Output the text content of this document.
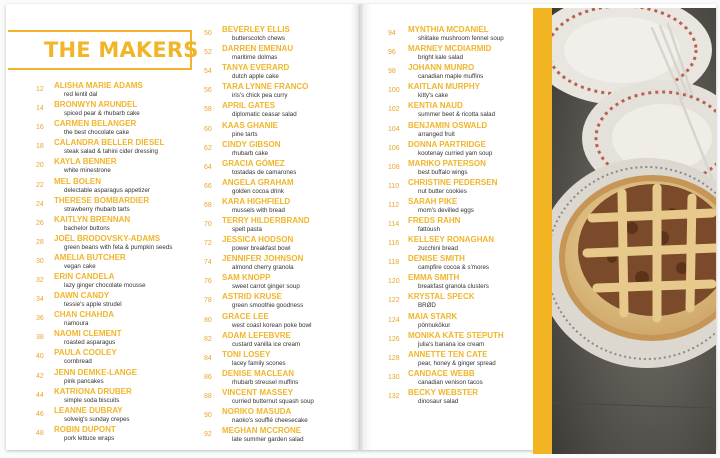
THE MAKERS
12 ALISHA MARIE ADAMS
red lentil dal
14 BRONWYN ARUNDEL
spiced pear & rhubarb cake
16 CARMEN BELANGER
the best chocolate cake
18 CALANDRA BELLER DIESEL
steak salad & tahini cider dressing
20 KAYLA BENNER
white minestrone
22 MEL BOLEN
delectable asparagus appetizer
24 THERESE BOMBARDIER
strawberry rhubarb tarts
26 KAITLYN BRENNAN
bachelor buttons
28 JOËL BRODOVSKY-ADAMS
green beans with feta & pumpkin seeds
30 AMELIA BUTCHER
vegan cake
32 ERIN CANDELA
lazy ginger chocolate mousse
34 DAWN CANDY
tessie's apple strudel
36 CHAN CHAHDA
namoura
38 NAOMI CLEMENT
roasted asparagus
40 PAULA COOLEY
cornbread
42 JENN DEMKE-LANGE
pink pancakes
44 KATRIONA DRUBER
simple soda biscuits
46 LEANNE DUBRAY
solveig's sunday crepes
48 ROBIN DUPONT
pork lettuce wraps
50 BEVERLEY ELLIS
butterscotch chews
52 DARREN EMENAU
maritime dolmas
54 TANYA EVERARD
dutch apple cake
56 TARA LYNNE FRANCO
iris's chick pea curry
58 APRIL GATES
diplomatic ceasar salad
60 KAAS GHANIE
pine tarts
62 CINDY GIBSON
rhubarb cake
64 GRACIA GÓMEZ
tostadas de camarones
66 ANGELA GRAHAM
golden cocoa drink
68 KARA HIGHFIELD
mussels with bread
70 TERRY HILDERBRAND
spelt pasta
72 JESSICA HODSON
power breakfast bowl
74 JENNIFER JOHNSON
almond cherry granola
76 SAM KNOPP
sweet carrot ginger soup
78 ASTRID KRUSE
green smoothie goodness
80 GRACE LEE
west coast korean poke bowl
82 ADAM LEFEBVRE
custard vanilla ice cream
84 TONI LOSEY
lacey family scones
86 DENISE MACLEAN
rhubarb streusel muffins
88 VINCENT MASSEY
curried butternut squash soup
90 NORIKO MASUDA
naoko's soufflé cheesecake
92 MEGHAN MCCRONE
late summer garden salad
94 MYNTHIA MCDANIEL
shiitake mushroom fennel soup
96 MARNEY MCDIARMID
bright kale salad
98 JOHANN MUNRO
canadian maple muffins
100 KAITLAN MURPHY
kitty's cake
102 KENTIA NAUD
summer beet & ricotta salad
104 BENJAMIN OSWALD
arranged fruit
106 DONNA PARTRIDGE
kootenay curried yam soup
108 MARIKO PATERSON
best buffalo wings
110 CHRISTINE PEDERSEN
nut butter cookies
112 SARAH PIKE
mom's devilled eggs
114 FREDS RAHN
fattoush
116 KELLSEY RONAGHAN
zucchini bread
118 DENISE SMITH
campfire cocoa & s'mores
120 EMMA SMITH
breakfast granola clusters
122 KRYSTAL SPECK
BRØD
124 MAIA STARK
pönnukökur
126 MONIKA KÄTE STEPUTH
julia's banana ice cream
128 ANNETTE TEN CATE
pear, honey & ginger spread
130 CANDACE WEBB
canadian venison tacos
132 BECKY WEBSTER
dinosaur salad
